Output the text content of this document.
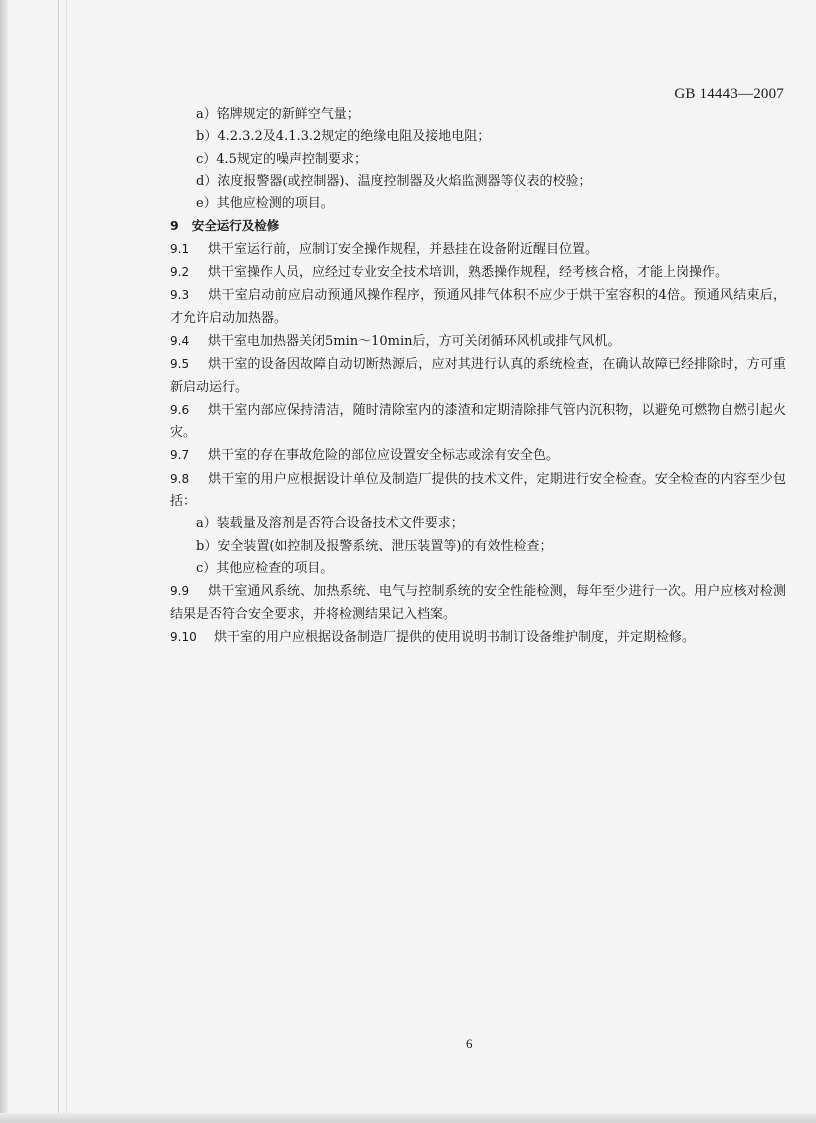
GB 14443—2007
a）铭牌规定的新鲜空气量；
b）4.2.3.2及4.1.3.2规定的绝缘电阻及接地电阻；
c）4.5规定的噪声控制要求；
d）浓度报警器(或控制器)、温度控制器及火焰监测器等仪表的校验；
e）其他应检测的项目。
9 安全运行及检修
9.1 烘干室运行前，应制订安全操作规程，并悬挂在设备附近醒目位置。
9.2 烘干室操作人员，应经过专业安全技术培训，熟悉操作规程，经考核合格，才能上岗操作。
9.3 烘干室启动前应启动预通风操作程序，预通风排气体积不应少于烘干室容积的4倍。预通风结束后，才允许启动加热器。
9.4 烘干室电加热器关闭5min～10min后，方可关闭循环风机或排气风机。
9.5 烘干室的设备因故障自动切断热源后，应对其进行认真的系统检查，在确认故障已经排除时，方可重新启动运行。
9.6 烘干室内部应保持清洁，随时清除室内的漆渣和定期清除排气管内沉积物，以避免可燃物自燃引起火灾。
9.7 烘干室的存在事故危险的部位应设置安全标志或涂有安全色。
9.8 烘干室的用户应根据设计单位及制造厂提供的技术文件，定期进行安全检查。安全检查的内容至少包括：
a）装载量及溶剂是否符合设备技术文件要求；
b）安全装置(如控制及报警系统、泄压装置等)的有效性检查；
c）其他应检查的项目。
9.9 烘干室通风系统、加热系统、电气与控制系统的安全性能检测，每年至少进行一次。用户应核对检测结果是否符合安全要求，并将检测结果记入档案。
9.10 烘干室的用户应根据设备制造厂提供的使用说明书制订设备维护制度，并定期检修。
6
